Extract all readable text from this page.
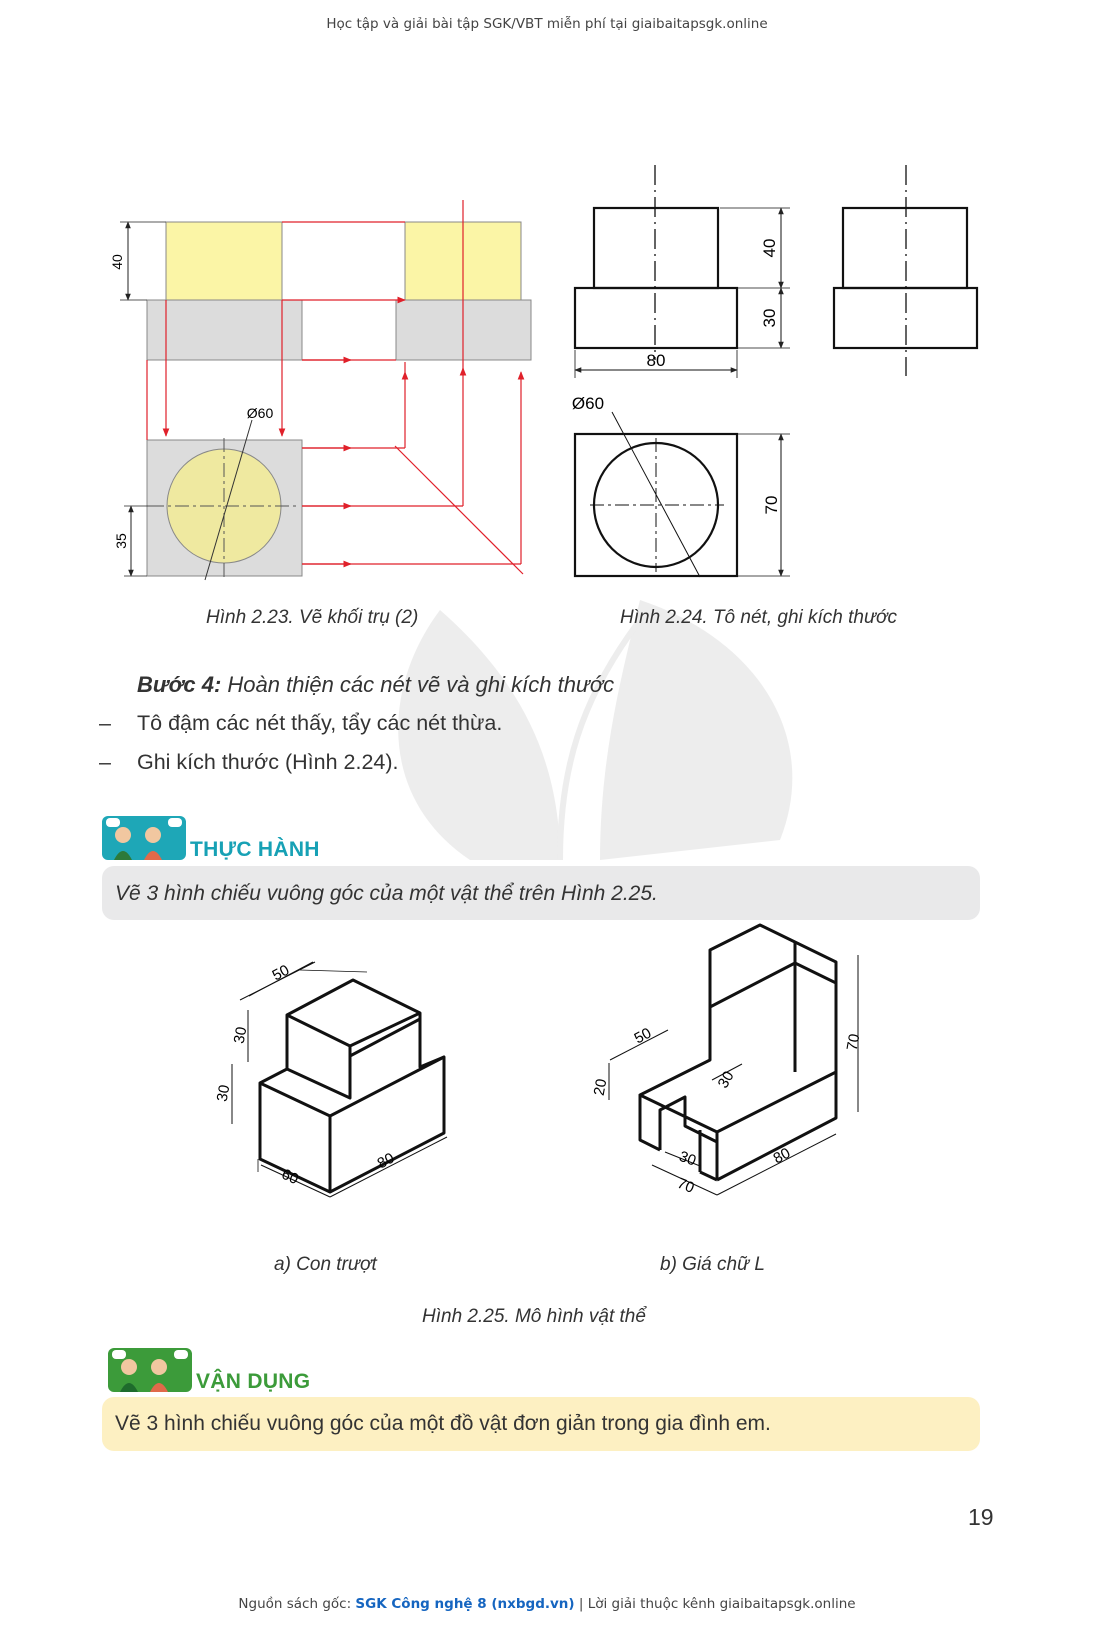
Học tập và giải bài tập SGK/VBT miễn phí tại giaibaitapsgk.online
40
Ø60
35
40
30
80
Ø60
70
Hình 2.23. Vẽ khối trụ (2)	Hình 2.24. Tô nét, ghi kích thước
Bước 4: Hoàn thiện các nét vẽ và ghi kích thước
– Tô đậm các nét thấy, tẩy các nét thừa.
– Ghi kích thước (Hình 2.24).
THỰC HÀNH
Vẽ 3 hình chiếu vuông góc của một vật thể trên Hình 2.25.
50
30
30
60
80
50
20	30
30
70
80
70
a) Con trượt	b) Giá chữ L
Hình 2.25. Mô hình vật thể
VẬN DỤNG
Vẽ 3 hình chiếu vuông góc của một đồ vật đơn giản trong gia đình em.
19
Nguồn sách gốc: SGK Công nghệ 8 (nxbgd.vn) | Lời giải thuộc kênh giaibaitapsgk.online
